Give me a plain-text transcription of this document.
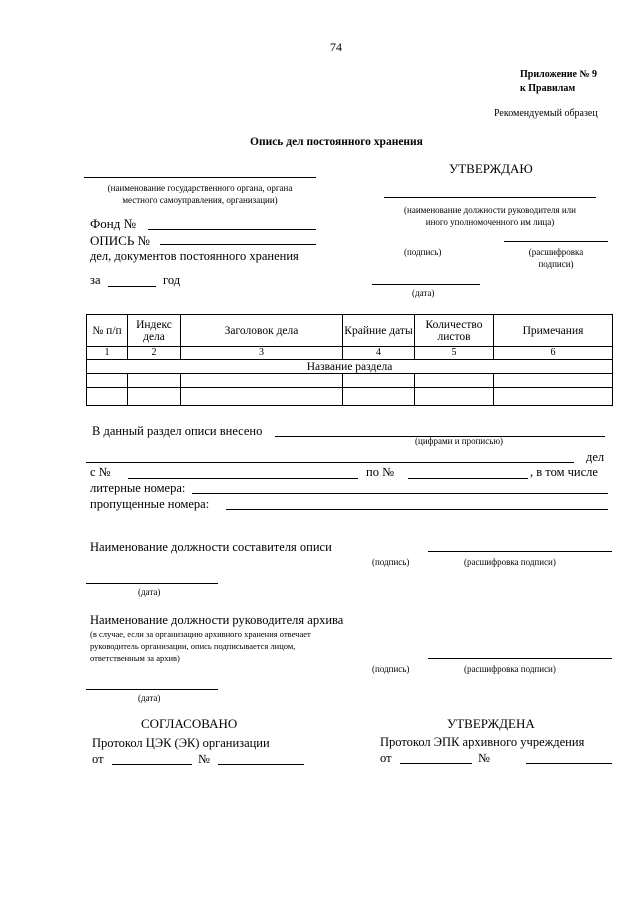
74
Приложение № 9
к Правилам
Рекомендуемый образец
Опись дел постоянного хранения
УТВЕРЖДАЮ
(наименование должности руководителя или
иного уполномоченного им лица)
(подпись)	(расшифровка
подписи)
(дата)
(наименование государственного органа, органа
местного самоуправления, организации)
Фонд №
ОПИСЬ №
дел, документов постоянного хранения
за	год
№ п/п	Индекс дела	Заголовок дела	Крайние даты	Количество листов	Примечания
1	2	3	4	5	6
Название раздела					

В данный раздел описи внесено
(цифрами и прописью)
дел
с №	по №	, в том числе
литерные номера:
пропущенные номера:
Наименование должности составителя описи
(подпись)	(расшифровка подписи)
(дата)
Наименование должности руководителя архива
(в случае, если за организацию архивного хранения отвечает
руководитель организации, опись подписывается лицом,
ответственным за архив)
(подпись)	(расшифровка подписи)
(дата)
СОГЛАСОВАНО
Протокол ЦЭК (ЭК) организации
от	№
УТВЕРЖДЕНА
Протокол ЭПК архивного учреждения
от	№
